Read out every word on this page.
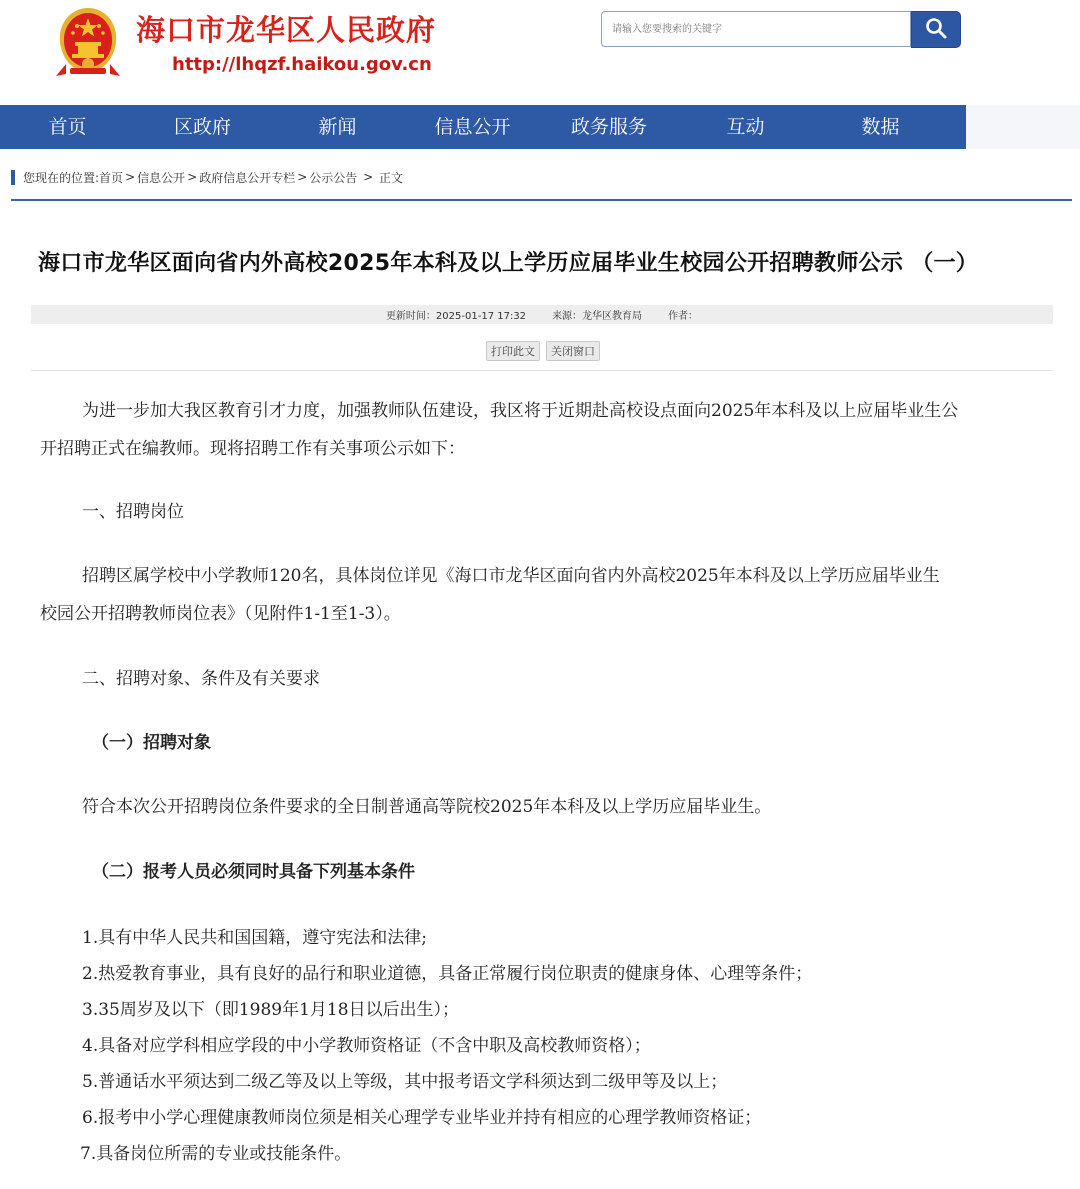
海口市龙华区人民政府
http://lhqzf.haikou.gov.cn
请输入您要搜索的关键字
首页	区政府	新闻	信息公开	政务服务	互动	数据
您现在的位置: 首页 > 信息公开 > 政府信息公开专栏 > 公示公告 > 正文
海口市龙华区面向省内外高校2025年本科及以上学历应届毕业生校园公开招聘教师公示 （一）
更新时间：2025-01-17 17:32	来源：龙华区教育局	作者：
打印此文	关闭窗口

为进一步加大我区教育引才力度，加强教师队伍建设，我区将于近期赴高校设点面向2025年本科及以上应届毕业生公

开招聘正式在编教师。现将招聘工作有关事项公示如下：

一、招聘岗位

招聘区属学校中小学教师120名，具体岗位详见《海口市龙华区面向省内外高校2025年本科及以上学历应届毕业生

校园公开招聘教师岗位表》（见附件1-1至1-3）。

二、招聘对象、条件及有关要求

（一）招聘对象

符合本次公开招聘岗位条件要求的全日制普通高等院校2025年本科及以上学历应届毕业生。

（二）报考人员必须同时具备下列基本条件

1.具有中华人民共和国国籍，遵守宪法和法律;

2.热爱教育事业，具有良好的品行和职业道德，具备正常履行岗位职责的健康身体、心理等条件；

3.35周岁及以下（即1989年1月18日以后出生）；

4.具备对应学科相应学段的中小学教师资格证（不含中职及高校教师资格）；

5.普通话水平须达到二级乙等及以上等级，其中报考语文学科须达到二级甲等及以上；

6.报考中小学心理健康教师岗位须是相关心理学专业毕业并持有相应的心理学教师资格证；

7.具备岗位所需的专业或技能条件。
